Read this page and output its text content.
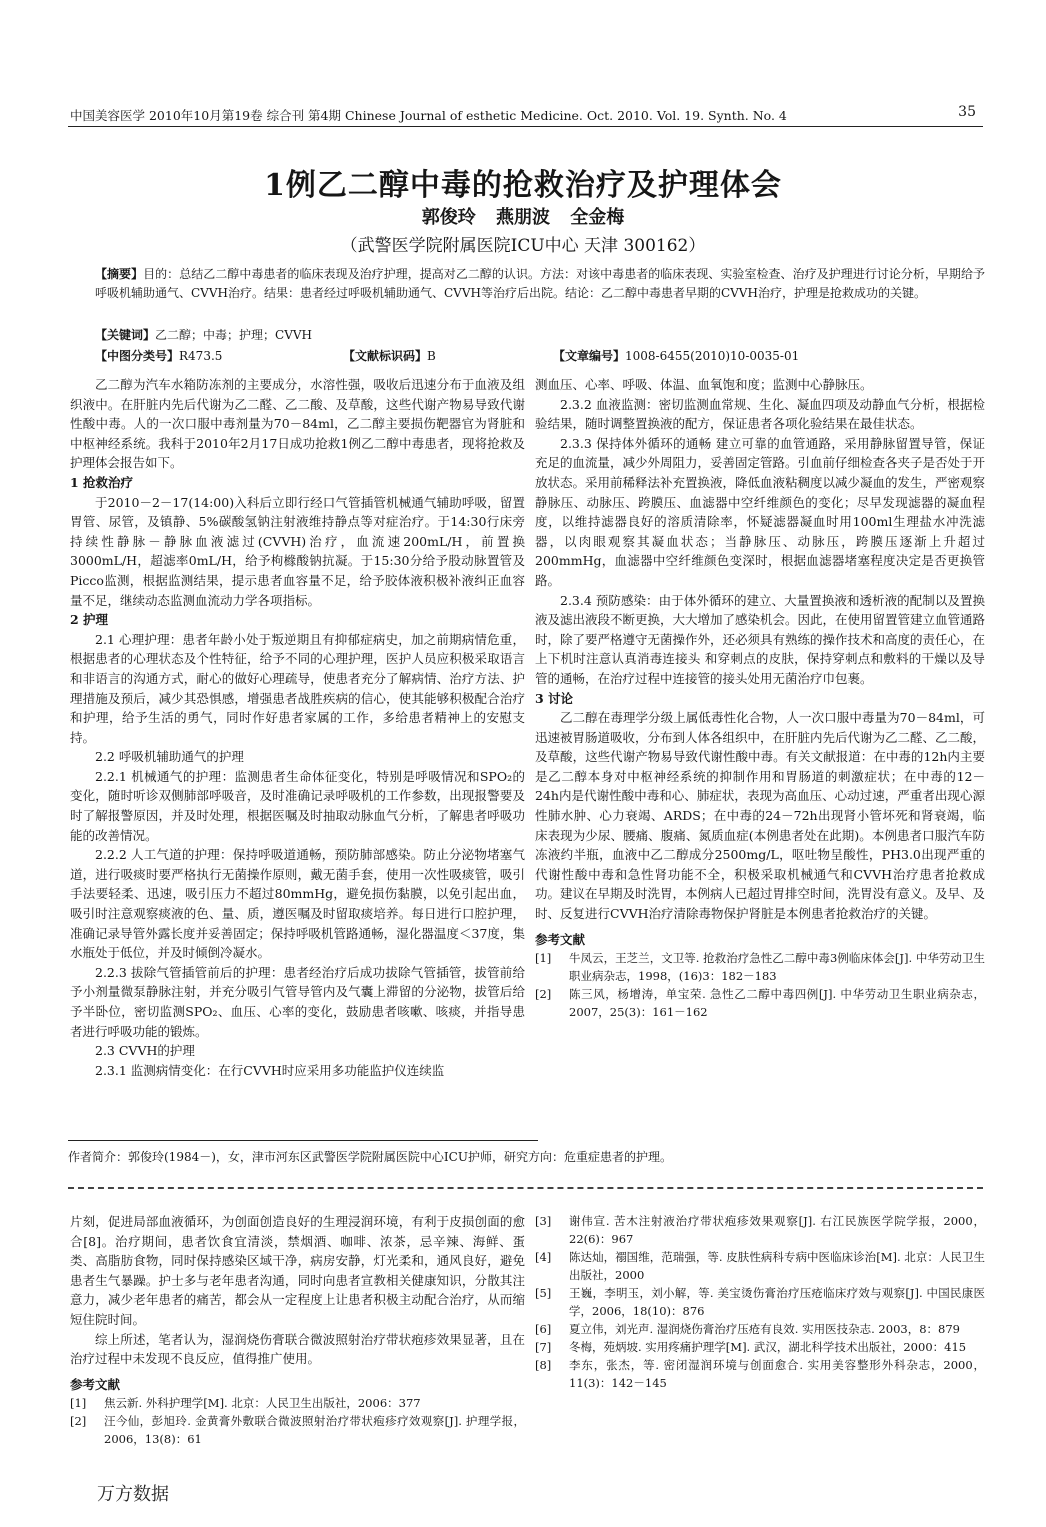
中国美容医学 2010年10月第19卷 综合刊 第4期 Chinese Journal of esthetic Medicine. Oct. 2010. Vol. 19. Synth. No. 4	35
1例乙二醇中毒的抢救治疗及护理体会
郭俊玲 燕朋波 全金梅
（武警医学院附属医院ICU中心 天津 300162）
【摘要】目的：总结乙二醇中毒患者的临床表现及治疗护理，提高对乙二醇的认识。方法：对该中毒患者的临床表现、实验室检查、治疗及护理进行讨论分析，早期给予呼吸机辅助通气、CVVH治疗。结果：患者经过呼吸机辅助通气、CVVH等治疗后出院。结论：乙二醇中毒患者早期的CVVH治疗，护理是抢救成功的关键。
【关键词】乙二醇；中毒；护理；CVVH
【中图分类号】R473.5	【文献标识码】B	【文章编号】1008-6455(2010)10-0035-01

乙二醇为汽车水箱防冻剂的主要成分，水溶性强，吸收后迅速分布于血液及组织液中。在肝脏内先后代谢为乙二醛、乙二酸、及草酸，这些代谢产物易导致代谢性酸中毒。人的一次口服中毒剂量为70－84ml，乙二醇主要损伤靶器官为肾脏和中枢神经系统。我科于2010年2月17日成功抢救1例乙二醇中毒患者，现将抢救及护理体会报告如下。

1 抢救治疗

于2010－2－17(14:00)入科后立即行经口气管插管机械通气辅助呼吸，留置胃管、尿管，及镇静、5%碳酸氢钠注射液维持静点等对症治疗。于14:30行床旁持续性静脉－静脉血液滤过(CVVH)治疗，血流速200mL/H，前置换3000mL/H，超滤率0mL/H，给予枸橼酸钠抗凝。于15:30分给予股动脉置管及Picco监测，根据监测结果，提示患者血容量不足，给予胶体液积极补液纠正血容量不足，继续动态监测血流动力学各项指标。

2 护理

2.1 心理护理：患者年龄小处于叛逆期且有抑郁症病史，加之前期病情危重，根据患者的心理状态及个性特征，给予不同的心理护理，医护人员应积极采取语言和非语言的沟通方式，耐心的做好心理疏导，使患者充分了解病情、治疗方法、护理措施及预后，减少其恐惧感，增强患者战胜疾病的信心，使其能够积极配合治疗和护理，给予生活的勇气，同时作好患者家属的工作，多给患者精神上的安慰支持。

2.2 呼吸机辅助通气的护理

2.2.1 机械通气的护理：监测患者生命体征变化，特别是呼吸情况和SPO₂的变化，随时听诊双侧肺部呼吸音，及时准确记录呼吸机的工作参数，出现报警要及时了解报警原因，并及时处理，根据医嘱及时抽取动脉血气分析，了解患者呼吸功能的改善情况。

2.2.2 人工气道的护理：保持呼吸道通畅，预防肺部感染。防止分泌物堵塞气道，进行吸痰时要严格执行无菌操作原则，戴无菌手套，使用一次性吸痰管，吸引手法要轻柔、迅速，吸引压力不超过80mmHg，避免损伤黏膜，以免引起出血，吸引时注意观察痰液的色、量、质，遵医嘱及时留取痰培养。每日进行口腔护理，准确记录导管外露长度并妥善固定；保持呼吸机管路通畅，湿化器温度＜37度，集水瓶处于低位，并及时倾倒冷凝水。

2.2.3 拔除气管插管前后的护理：患者经治疗后成功拔除气管插管，拔管前给予小剂量微泵静脉注射，并充分吸引气管导管内及气囊上滞留的分泌物，拔管后给予半卧位，密切监测SPO₂、血压、心率的变化，鼓励患者咳嗽、咳痰，并指导患者进行呼吸功能的锻炼。

2.3 CVVH的护理

2.3.1 监测病情变化：在行CVVH时应采用多功能监护仪连续监

测血压、心率、呼吸、体温、血氧饱和度；监测中心静脉压。

2.3.2 血液监测：密切监测血常规、生化、凝血四项及动静血气分析，根据检验结果，随时调整置换液的配方，保证患者各项化验结果在最佳状态。

2.3.3 保持体外循环的通畅 建立可靠的血管通路，采用静脉留置导管，保证充足的血流量，减少外周阻力，妥善固定管路。引血前仔细检查各夹子是否处于开放状态。采用前稀释法补充置换液，降低血液粘稠度以减少凝血的发生，严密观察静脉压、动脉压、跨膜压、血滤器中空纤维颜色的变化；尽早发现滤器的凝血程度，以维持滤器良好的溶质清除率，怀疑滤器凝血时用100ml生理盐水冲洗滤器，以肉眼观察其凝血状态；当静脉压、动脉压，跨膜压逐渐上升超过200mmHg，血滤器中空纤维颜色变深时，根据血滤器堵塞程度决定是否更换管路。

2.3.4 预防感染：由于体外循环的建立、大量置换液和透析液的配制以及置换液及滤出液段不断更换，大大增加了感染机会。因此，在使用留置管建立血管通路时，除了要严格遵守无菌操作外，还必须具有熟练的操作技术和高度的责任心，在上下机时注意认真消毒连接头 和穿刺点的皮肤，保持穿刺点和敷料的干燥以及导管的通畅，在治疗过程中连接管的接头处用无菌治疗巾包裹。

3 讨论

乙二醇在毒理学分级上属低毒性化合物，人一次口服中毒量为70－84ml，可迅速被胃肠道吸收，分布到人体各组织中，在肝脏内先后代谢为乙二醛、乙二酸，及草酸，这些代谢产物易导致代谢性酸中毒。有关文献报道：在中毒的12h内主要是乙二醇本身对中枢神经系统的抑制作用和胃肠道的刺激症状；在中毒的12－24h内是代谢性酸中毒和心、肺症状，表现为高血压、心动过速，严重者出现心源性肺水肿、心力衰竭、ARDS；在中毒的24－72h出现肾小管坏死和肾衰竭，临床表现为少尿、腰痛、腹痛、氮质血症(本例患者处在此期)。本例患者口服汽车防冻液约半瓶，血液中乙二醇成分2500mg/L，呕吐物呈酸性，PH3.0出现严重的代谢性酸中毒和急性肾功能不全，积极采取机械通气和CVVH治疗患者抢救成功。建议在早期及时洗胃，本例病人已超过胃排空时间，洗胃没有意义。及早、及时、反复进行CVVH治疗清除毒物保护肾脏是本例患者抢救治疗的关键。

参考文献

[1]	牛凤云，王芝兰，文卫等. 抢救治疗急性乙二醇中毒3例临床体会[J]. 中华劳动卫生职业病杂志，1998，(16)3：182－183
[2]	陈三风，杨增涛，单宝荣. 急性乙二醇中毒四例[J]. 中华劳动卫生职业病杂志，2007，25(3)：161－162
作者简介：郭俊玲(1984－)，女，津市河东区武警医学院附属医院中心ICU护师，研究方向：危重症患者的护理。

片刻，促进局部血液循环，为创面创造良好的生理浸润环境，有利于皮损创面的愈合[8]。治疗期间，患者饮食宜清淡，禁烟酒、咖啡、浓茶，忌辛辣、海鲜、蛋类、高脂肪食物，同时保持感染区域干净，病房安静，灯光柔和，通风良好，避免患者生气暴躁。护士多与老年患者沟通，同时向患者宣教相关健康知识，分散其注意力，减少老年患者的痛苦，都会从一定程度上让患者积极主动配合治疗，从而缩短住院时间。

综上所述，笔者认为，湿润烧伤膏联合微波照射治疗带状疱疹效果显著，且在治疗过程中未发现不良反应，值得推广使用。

参考文献

[1]	焦云新. 外科护理学[M]. 北京：人民卫生出版社，2006：377
[2]	汪今仙，彭旭玲. 金黄膏外敷联合微波照射治疗带状疱疹疗效观察[J]. 护理学报，2006，13(8)：61
[3]	谢伟宣. 苦木注射液治疗带状疱疹效果观察[J]. 右江民族医学院学报，2000，22(6)：967
[4]	陈达灿，禤国维，范瑞强，等. 皮肤性病科专病中医临床诊治[M]. 北京：人民卫生出版社，2000
[5]	王巍，李明玉，刘小解，等. 美宝烫伤膏治疗压疮临床疗效与观察[J]. 中国民康医学，2006，18(10)：876
[6]	夏立伟，刘光声. 湿润烧伤膏治疗压疮有良效. 实用医技杂志. 2003，8：879
[7]	冬梅，苑炳坡. 实用疼痛护理学[M]. 武汉，湖北科学技术出版社，2000：415
[8]	李东，张杰，等. 密闭湿润环境与创面愈合. 实用美容整形外科杂志，2000，11(3)：142－145
万方数据
